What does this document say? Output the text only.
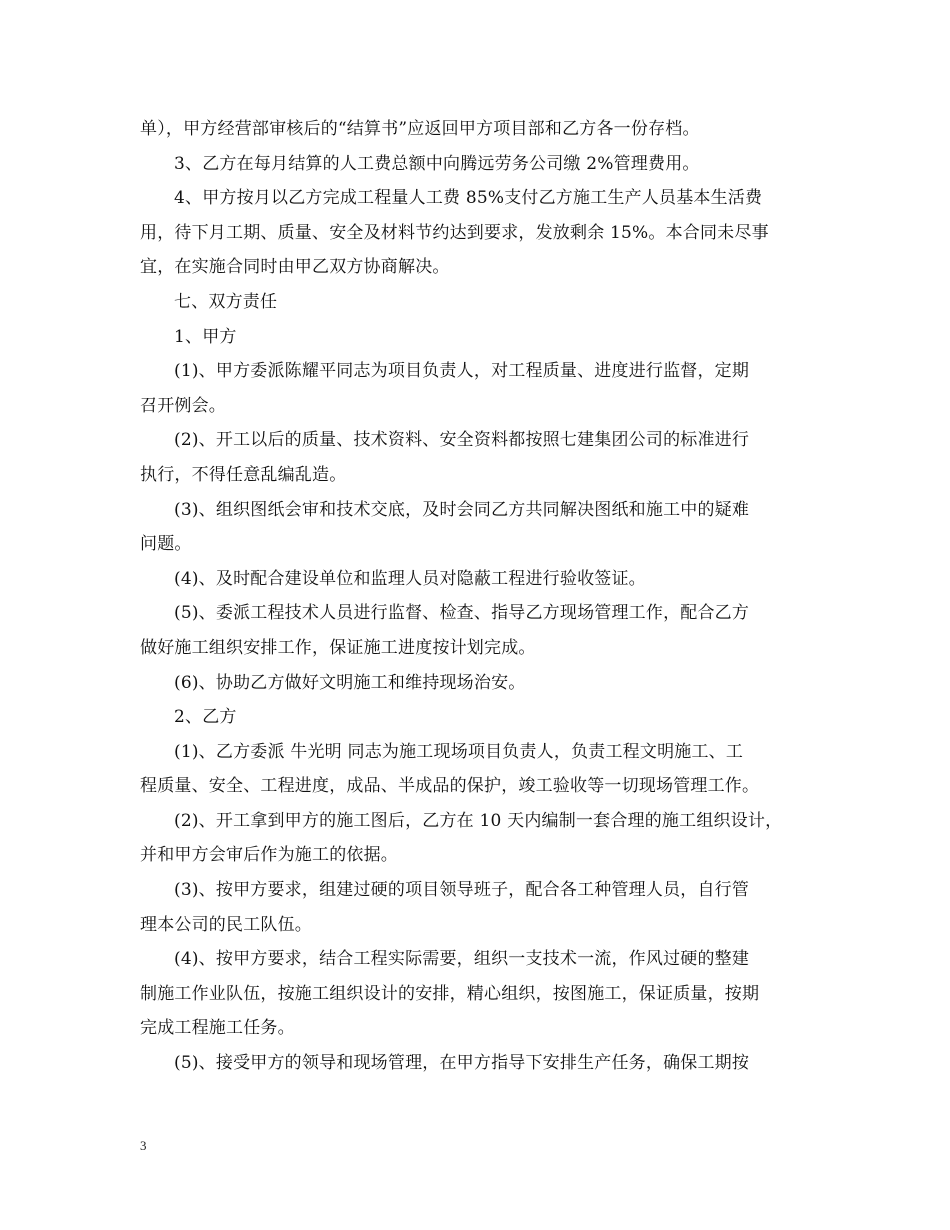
单），甲方经营部审核后的“结算书”应返回甲方项目部和乙方各一份存档。

3、乙方在每月结算的人工费总额中向腾远劳务公司缴 2%管理费用。

4、甲方按月以乙方完成工程量人工费 85%支付乙方施工生产人员基本生活费

用，待下月工期、质量、安全及材料节约达到要求，发放剩余 15%。本合同未尽事

宜，在实施合同时由甲乙双方协商解决。

七、双方责任

1、甲方

(1)、甲方委派陈耀平同志为项目负责人，对工程质量、进度进行监督，定期

召开例会。

(2)、开工以后的质量、技术资料、安全资料都按照七建集团公司的标准进行

执行，不得任意乱编乱造。

(3)、组织图纸会审和技术交底，及时会同乙方共同解决图纸和施工中的疑难

问题。

(4)、及时配合建设单位和监理人员对隐蔽工程进行验收签证。

(5)、委派工程技术人员进行监督、检查、指导乙方现场管理工作，配合乙方

做好施工组织安排工作，保证施工进度按计划完成。

(6)、协助乙方做好文明施工和维持现场治安。

2、乙方

(1)、乙方委派 牛光明 同志为施工现场项目负责人，负责工程文明施工、工

程质量、安全、工程进度，成品、半成品的保护，竣工验收等一切现场管理工作。

(2)、开工拿到甲方的施工图后，乙方在 10 天内编制一套合理的施工组织设计，

并和甲方会审后作为施工的依据。

(3)、按甲方要求，组建过硬的项目领导班子，配合各工种管理人员，自行管

理本公司的民工队伍。

(4)、按甲方要求，结合工程实际需要，组织一支技术一流，作风过硬的整建

制施工作业队伍，按施工组织设计的安排，精心组织，按图施工，保证质量，按期

完成工程施工任务。

(5)、接受甲方的领导和现场管理，在甲方指导下安排生产任务，确保工期按

3
